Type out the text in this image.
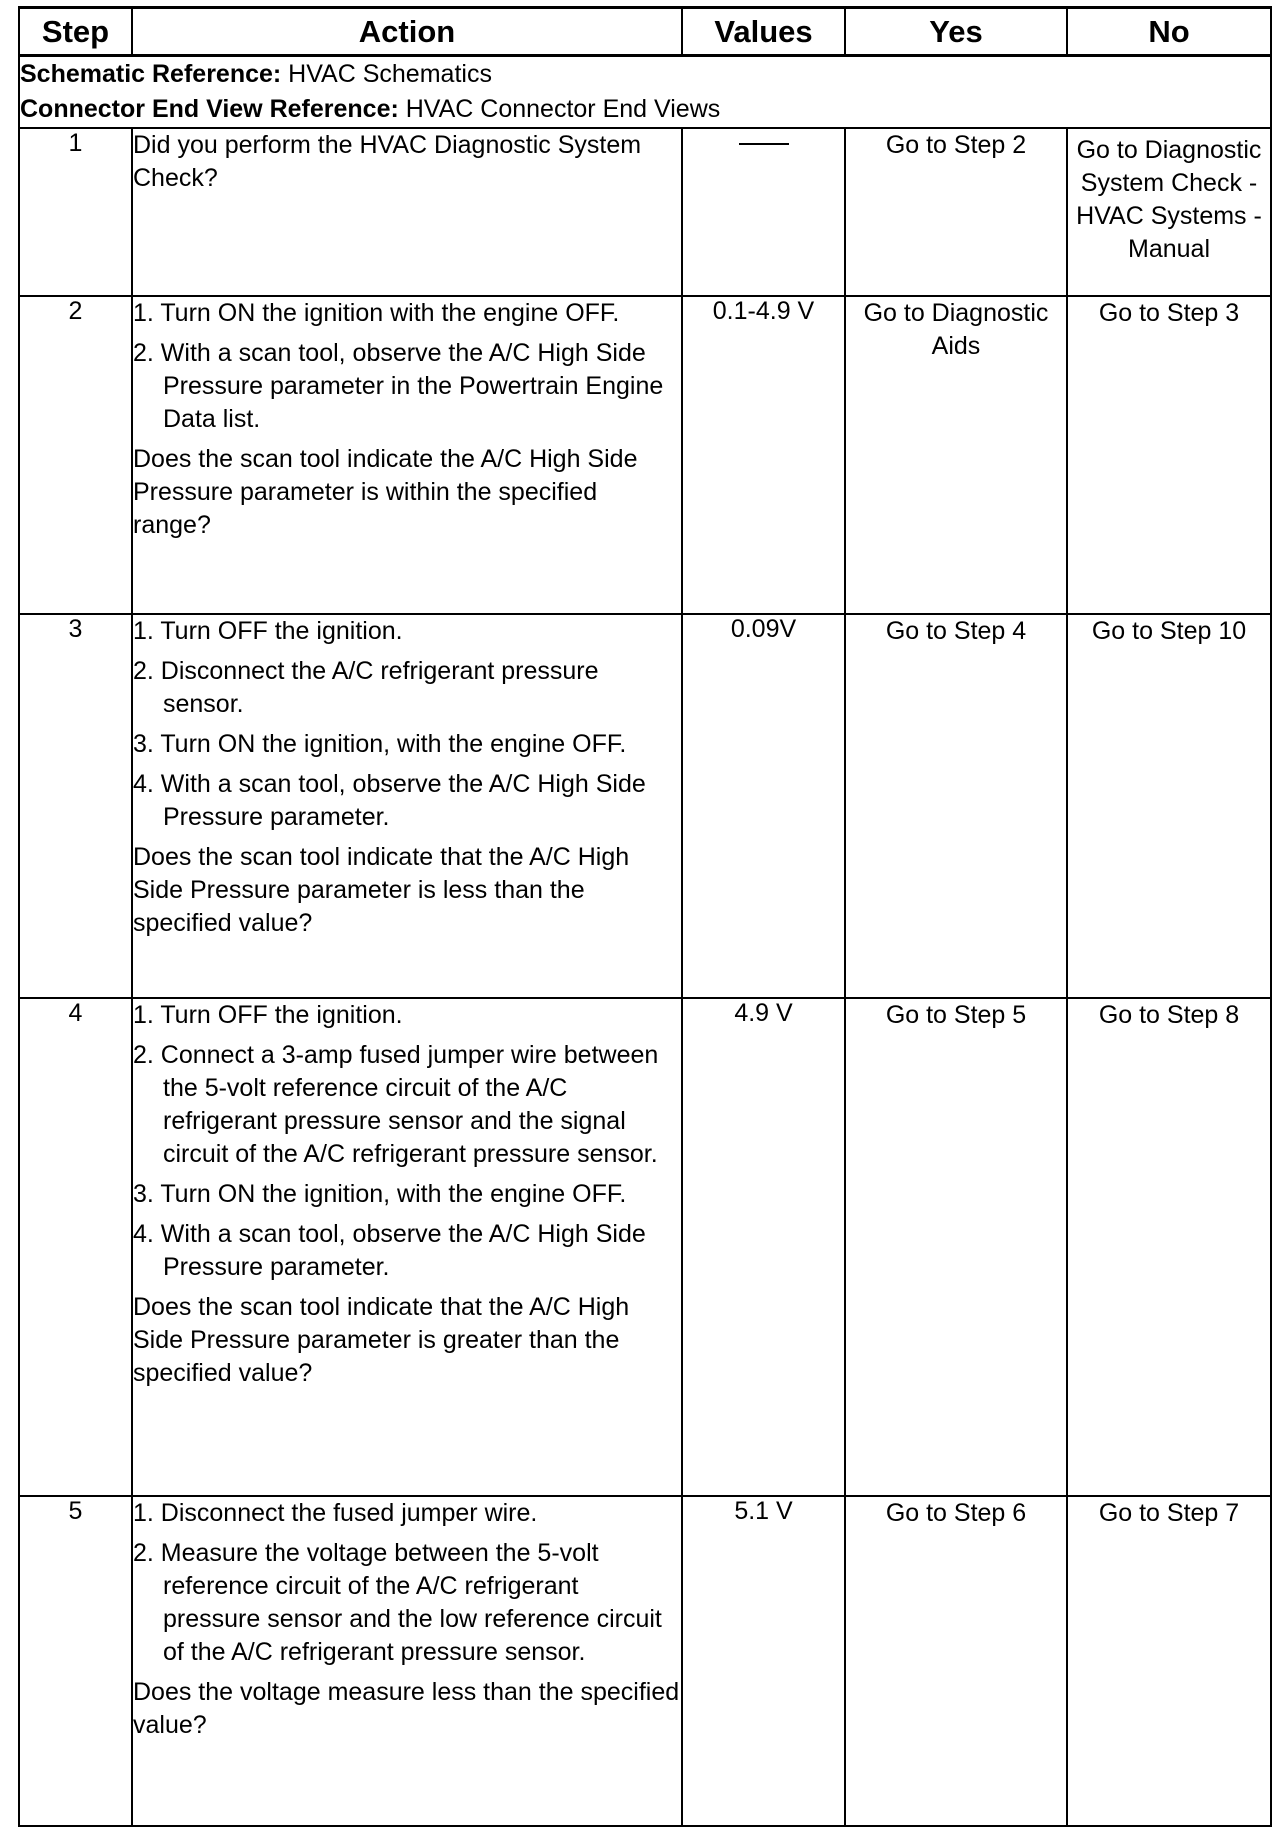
Step	Action	Values	Yes	No

Schematic Reference: HVAC Schematics
Connector End View Reference: HVAC Connector End Views				

1	Did you perform the HVAC Diagnostic System Check?		Go to Step 2	Go to Diagnostic System Check - HVAC Systems - Manual
2	1. Turn ON the ignition with the engine OFF.

2. With a scan tool, observe the A/C High Side Pressure parameter in the Powertrain Engine Data list.

Does the scan tool indicate the A/C High Side Pressure parameter is within the specified range?	0.1-4.9 V	Go to Diagnostic Aids	Go to Step 3
3	1. Turn OFF the ignition.

2. Disconnect the A/C refrigerant pressure sensor.

3. Turn ON the ignition, with the engine OFF.

4. With a scan tool, observe the A/C High Side Pressure parameter.

Does the scan tool indicate that the A/C High Side Pressure parameter is less than the specified value?	0.09V	Go to Step 4	Go to Step 10
4	1. Turn OFF the ignition.

2. Connect a 3-amp fused jumper wire between the 5-volt reference circuit of the A/C refrigerant pressure sensor and the signal circuit of the A/C refrigerant pressure sensor.

3. Turn ON the ignition, with the engine OFF.

4. With a scan tool, observe the A/C High Side Pressure parameter.

Does the scan tool indicate that the A/C High Side Pressure parameter is greater than the specified value?	4.9 V	Go to Step 5	Go to Step 8
5	1. Disconnect the fused jumper wire.

2. Measure the voltage between the 5-volt reference circuit of the A/C refrigerant pressure sensor and the low reference circuit of the A/C refrigerant pressure sensor.

Does the voltage measure less than the specified value?	5.1 V	Go to Step 6	Go to Step 7
